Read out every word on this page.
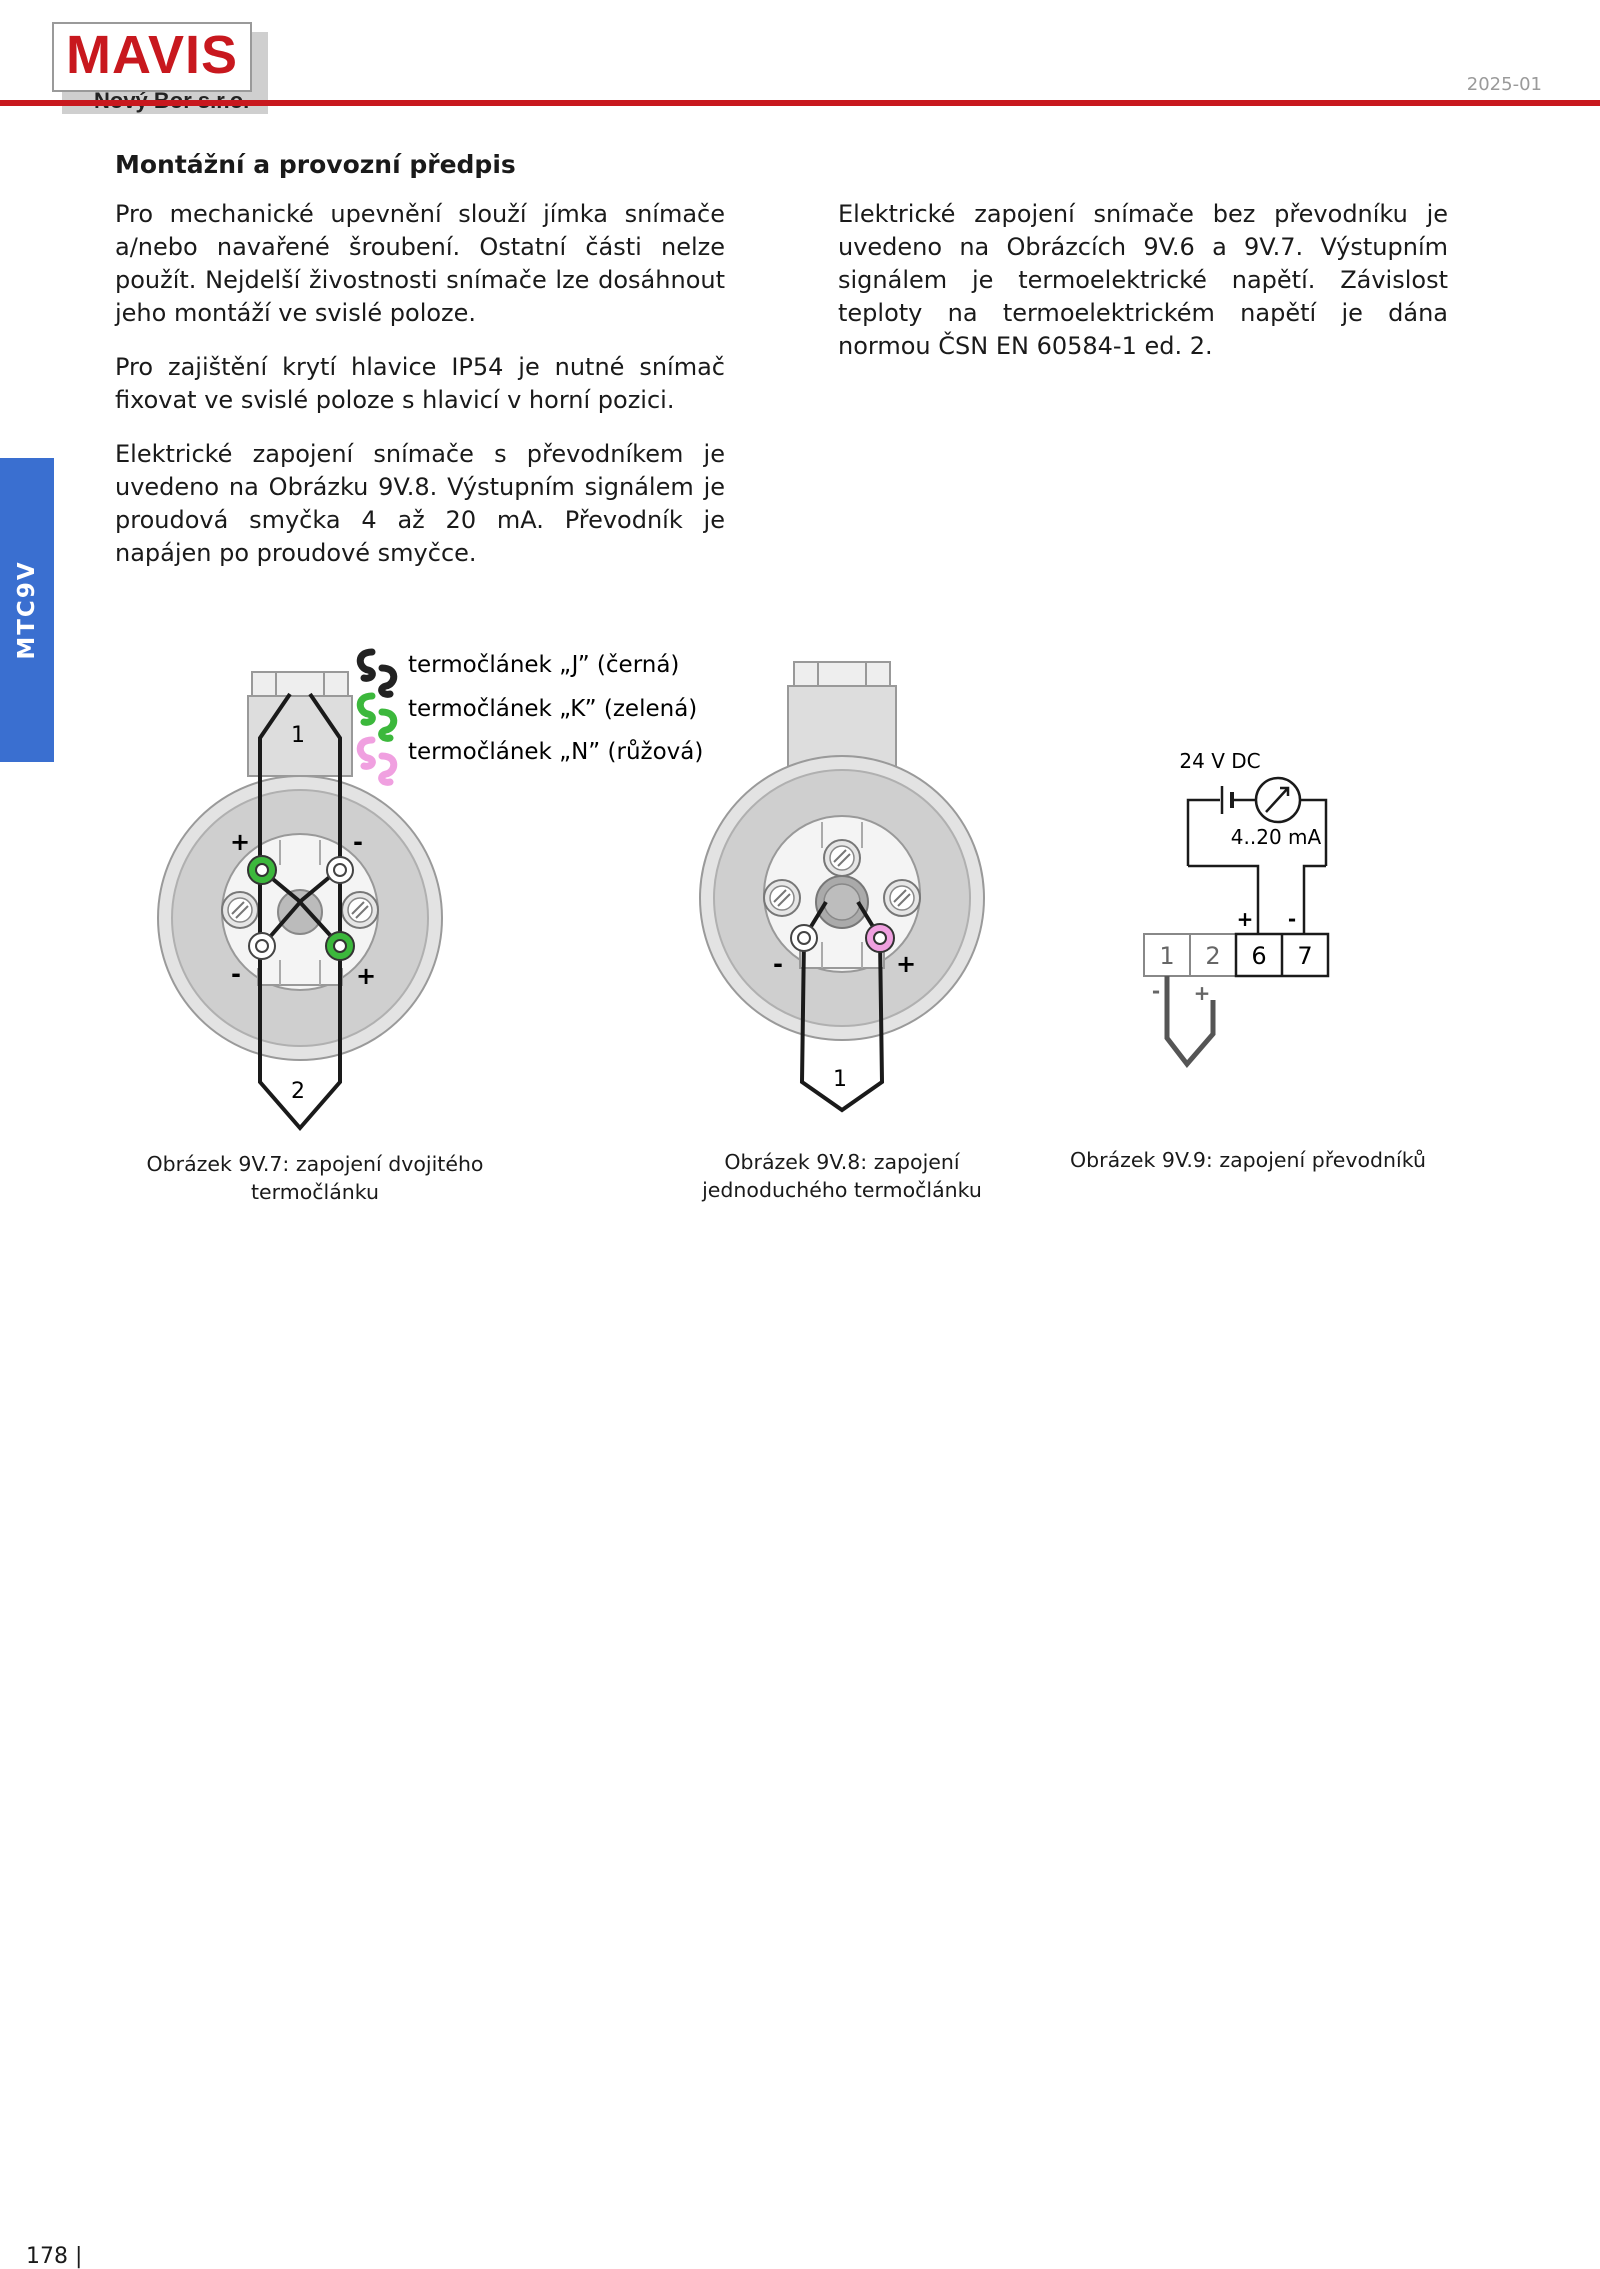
MAVIS	2025-01
MTC9V
Montážní a provozní předpis

Pro mechanické upevnění slouží jímka snímače a/nebo navařené šroubení. Ostatní části nelze použít. Nejdelší živostnosti snímače lze dosáhnout jeho montáží ve svislé poloze.

Pro zajištění krytí hlavice IP54 je nutné snímač fixovat ve svislé poloze s hlavicí v horní pozici.

Elektrické zapojení snímače s převodníkem je uvedeno na Obrázku 9V.8. Výstupním signálem je proudová smyčka 4 až 20 mA. Převodník je napájen po proudové smyčce.

Elektrické zapojení snímače bez převodníku je uvedeno na Obrázcích 9V.6 a 9V.7. Výstupním signálem je termoelektrické napětí. Závislost teploty na termoelektrickém napětí je dána normou ČSN EN 60584-1 ed. 2.

1
2
+	-
-	+
termočlánek „J” (černá)
termočlánek „K” (zelená)
termočlánek „N” (růžová)
1
-	+
24 V DC
4..20 mA
+ -
1 2 6 7
- +
Obrázek 9V.7: zapojení dvojitého
termočlánku
Obrázek 9V.8: zapojení
jednoduchého termočlánku
Obrázek 9V.9: zapojení převodníků
178 |
